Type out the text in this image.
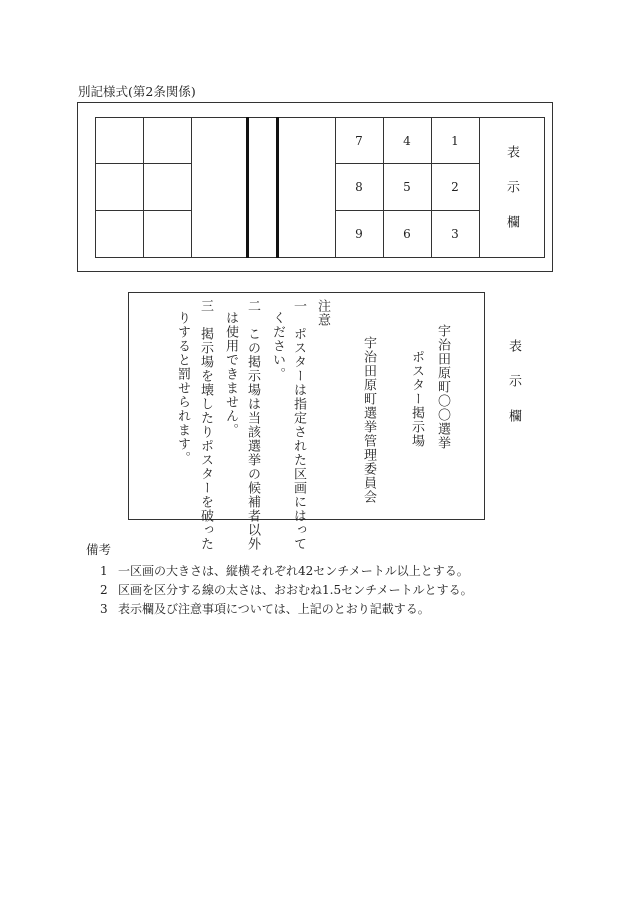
別記様式(第2条関係)
7	4	1
8	5	2
9	6	3	表示欄
宇治田原町〇〇選挙
ポスター掲示場
宇治田原町選挙管理委員会
注意
一　ポスターは指定された区画にはって
ください。
二　この掲示場は当該選挙の候補者以外
は使用できません。
三　掲示場を壊したりポスターを破った
りすると罰せられます。	表示欄
備考
1 一区画の大きさは、縦横それぞれ42センチメートル以上とする。
2 区画を区分する線の太さは、おおむね1.5センチメートルとする。
3 表示欄及び注意事項については、上記のとおり記載する。
